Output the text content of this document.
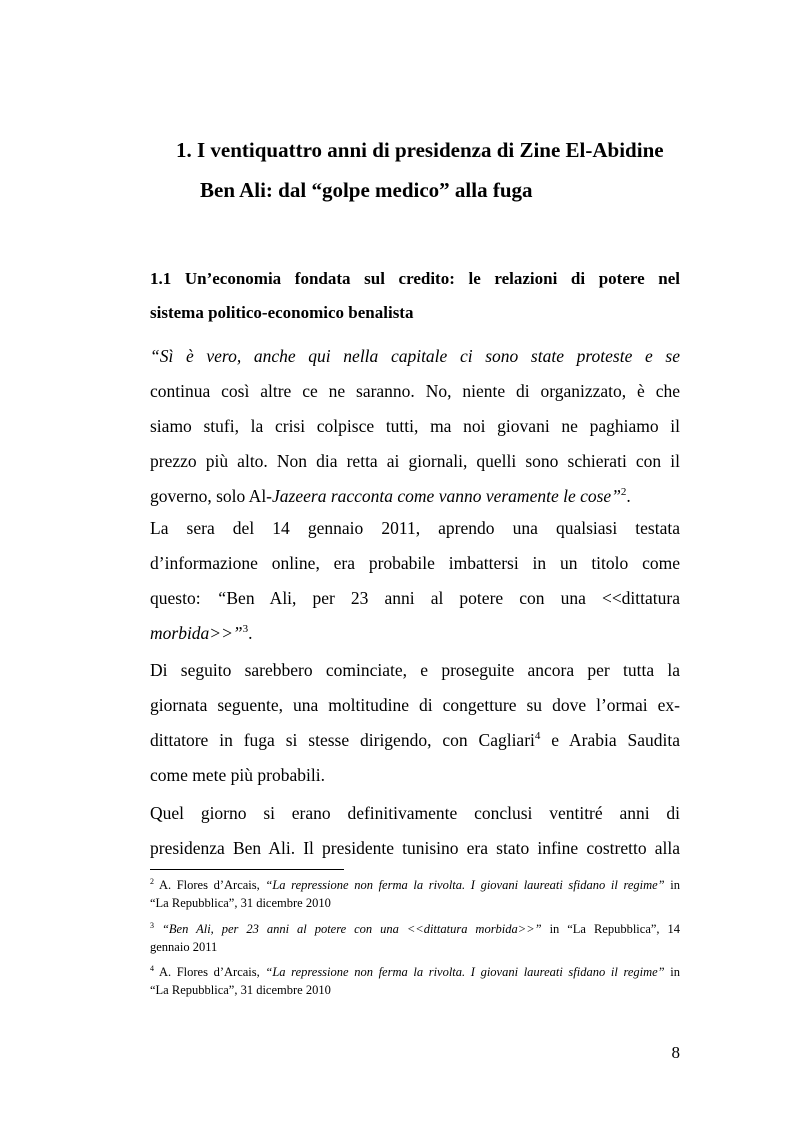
1. I ventiquattro anni di presidenza di Zine El-Abidine
Ben Ali: dal “golpe medico” alla fuga
1.1 Un’economia fondata sul credito: le relazioni di potere nel
sistema politico-economico benalista
“Sì è vero, anche qui nella capitale ci sono state proteste e se
continua così altre ce ne saranno. No, niente di organizzato, è che
siamo stufi, la crisi colpisce tutti, ma noi giovani ne paghiamo il
prezzo più alto. Non dia retta ai giornali, quelli sono schierati con il
governo, solo Al-Jazeera racconta come vanno veramente le cose”$^2$.
La sera del 14 gennaio 2011, aprendo una qualsiasi testata
d’informazione online, era probabile imbattersi in un titolo come
questo: “Ben Ali, per 23 anni al potere con una <<dittatura
morbida>>”$^3$.
Di seguito sarebbero cominciate, e proseguite ancora per tutta la
giornata seguente, una moltitudine di congetture su dove l’ormai ex-
dittatore in fuga si stesse dirigendo, con Cagliari$^4$ e Arabia Saudita
come mete più probabili.
Quel giorno si erano definitivamente conclusi ventitré anni di
presidenza Ben Ali. Il presidente tunisino era stato infine costretto alla
$^2$ A. Flores d’Arcais, “La repressione non ferma la rivolta. I giovani laureati sfidano il regime” in
“La Repubblica”, 31 dicembre 2010
$^3$ “Ben Ali, per 23 anni al potere con una <<dittatura morbida>>” in “La Repubblica”, 14
gennaio 2011
$^4$ A. Flores d’Arcais, “La repressione non ferma la rivolta. I giovani laureati sfidano il regime” in
“La Repubblica”, 31 dicembre 2010
8
